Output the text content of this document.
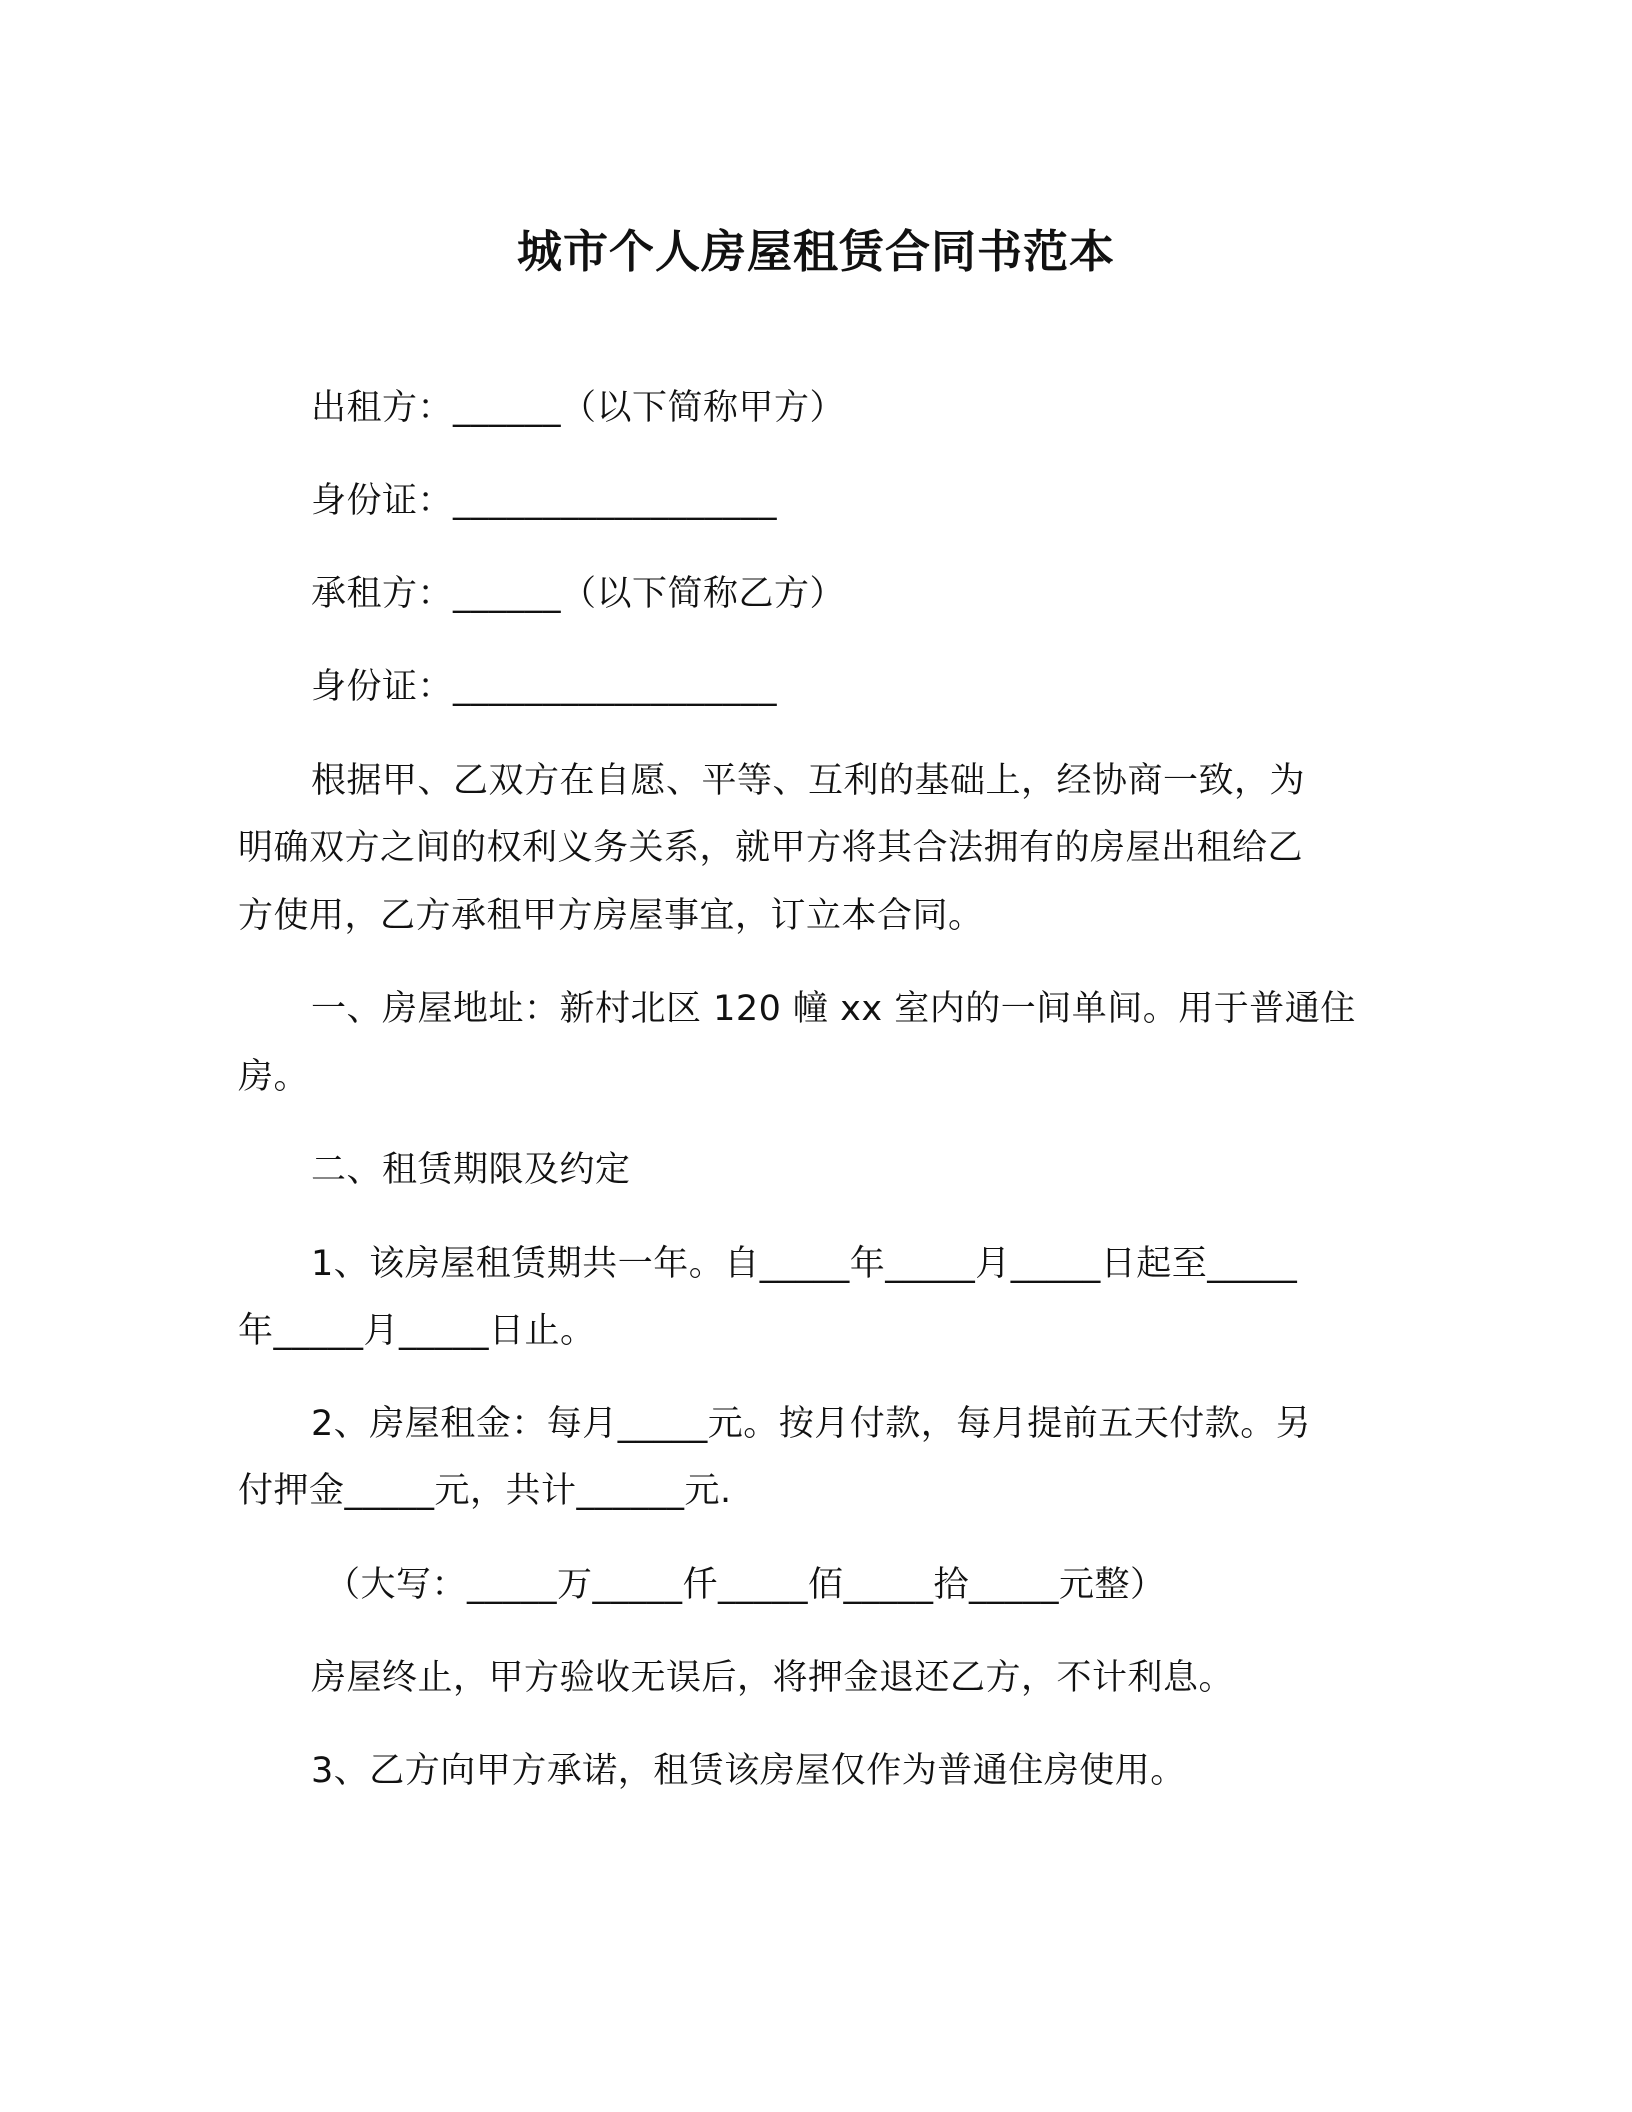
城市个人房屋租赁合同书范本
出租方：______（以下简称甲方）
身份证：__________________
承租方：______（以下简称乙方）
身份证：__________________
根据甲、乙双方在自愿、平等、互利的基础上，经协商一致，为
明确双方之间的权利义务关系，就甲方将其合法拥有的房屋出租给乙
方使用，乙方承租甲方房屋事宜，订立本合同。
一、房屋地址：新村北区 120 幢 xx 室内的一间单间。用于普通住
房。
二、租赁期限及约定
1、该房屋租赁期共一年。自_____年_____月_____日起至_____
年_____月_____日止。
2、房屋租金：每月_____元。按月付款，每月提前五天付款。另
付押金_____元，共计______元.
（大写：_____万_____仟_____佰_____拾_____元整）
房屋终止，甲方验收无误后，将押金退还乙方，不计利息。
3、乙方向甲方承诺，租赁该房屋仅作为普通住房使用。
